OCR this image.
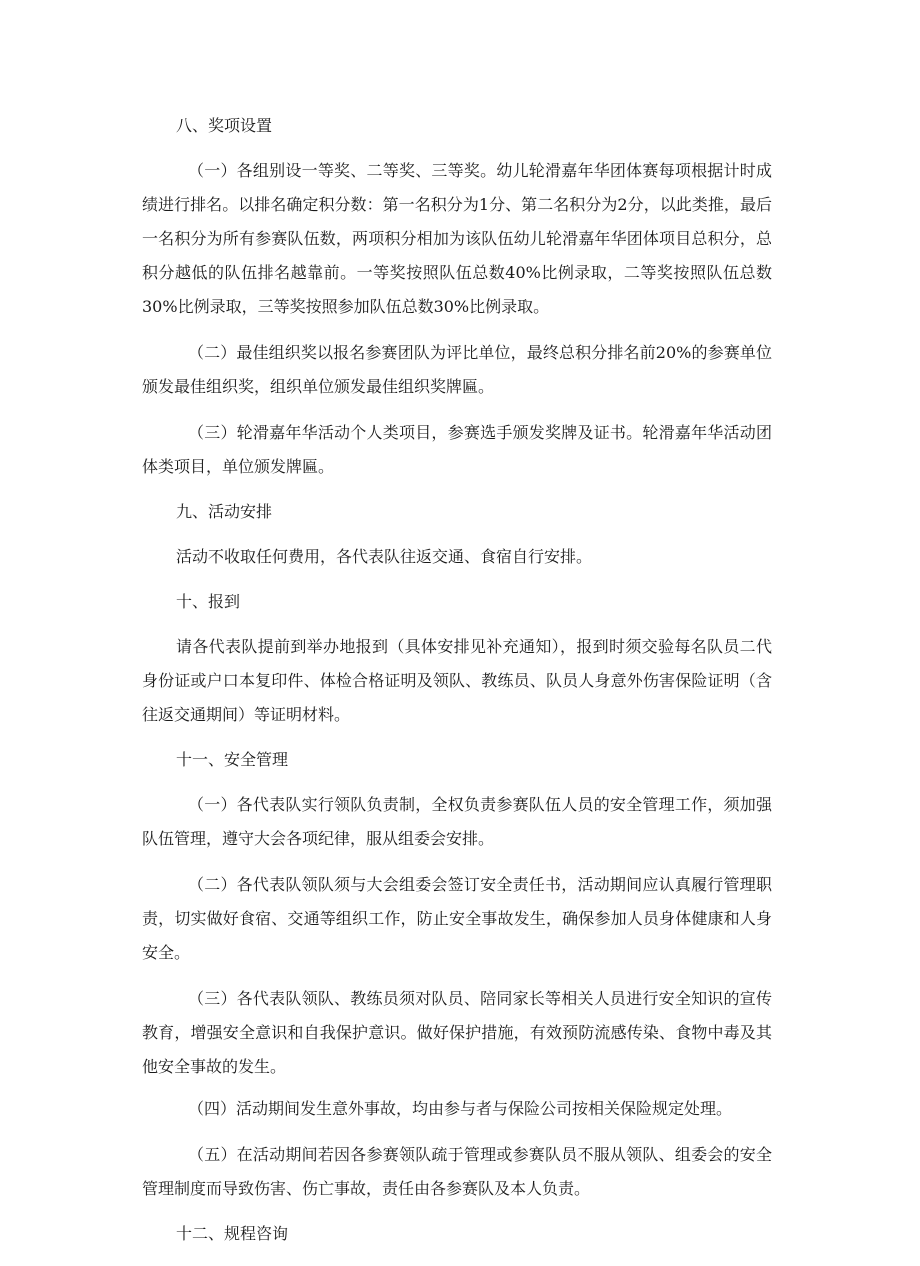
八、奖项设置

（一）各组别设一等奖、二等奖、三等奖。幼儿轮滑嘉年华团体赛每项根据计时成绩进行排名。以排名确定积分数：第一名积分为1分、第二名积分为2分，以此类推，最后一名积分为所有参赛队伍数，两项积分相加为该队伍幼儿轮滑嘉年华团体项目总积分，总积分越低的队伍排名越靠前。一等奖按照队伍总数40%比例录取，二等奖按照队伍总数30%比例录取，三等奖按照参加队伍总数30%比例录取。

（二）最佳组织奖以报名参赛团队为评比单位，最终总积分排名前20%的参赛单位颁发最佳组织奖，组织单位颁发最佳组织奖牌匾。

（三）轮滑嘉年华活动个人类项目，参赛选手颁发奖牌及证书。轮滑嘉年华活动团体类项目，单位颁发牌匾。

九、活动安排

活动不收取任何费用，各代表队往返交通、食宿自行安排。

十、报到

请各代表队提前到举办地报到（具体安排见补充通知），报到时须交验每名队员二代身份证或户口本复印件、体检合格证明及领队、教练员、队员人身意外伤害保险证明（含往返交通期间）等证明材料。

十一、安全管理

（一）各代表队实行领队负责制，全权负责参赛队伍人员的安全管理工作，须加强队伍管理，遵守大会各项纪律，服从组委会安排。

（二）各代表队领队须与大会组委会签订安全责任书，活动期间应认真履行管理职责，切实做好食宿、交通等组织工作，防止安全事故发生，确保参加人员身体健康和人身安全。

（三）各代表队领队、教练员须对队员、陪同家长等相关人员进行安全知识的宣传教育，增强安全意识和自我保护意识。做好保护措施，有效预防流感传染、食物中毒及其他安全事故的发生。

（四）活动期间发生意外事故，均由参与者与保险公司按相关保险规定处理。

（五）在活动期间若因各参赛领队疏于管理或参赛队员不服从领队、组委会的安全管理制度而导致伤害、伤亡事故，责任由各参赛队及本人负责。

十二、规程咨询
